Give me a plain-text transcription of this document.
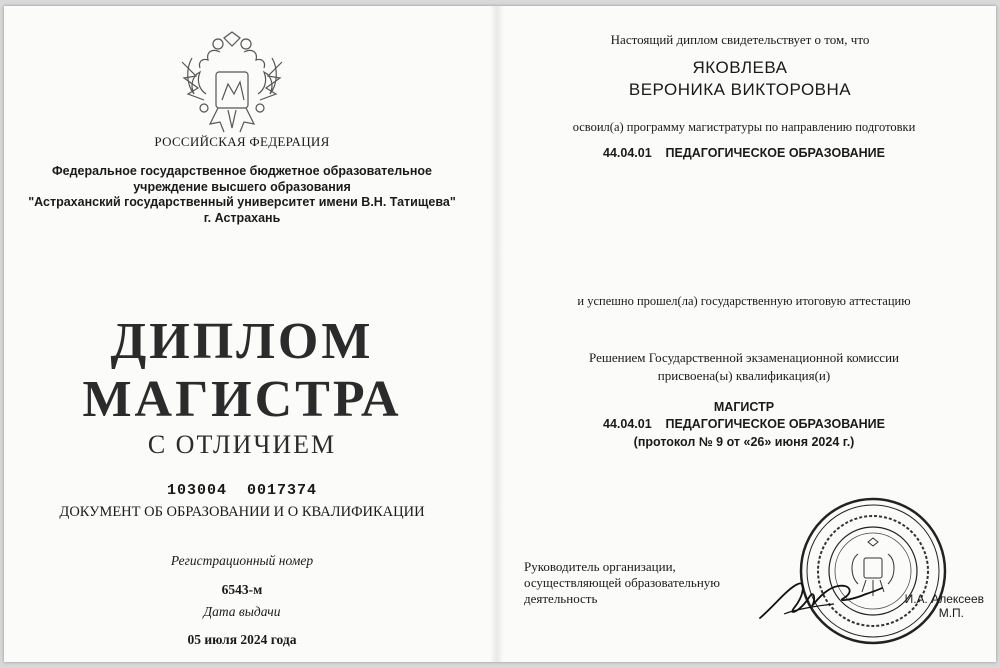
РОССИЙСКАЯ ФЕДЕРАЦИЯ
Федеральное государственное бюджетное образовательное
учреждение высшего образования
"Астраханский государственный университет имени В.Н. Татищева"
г. Астрахань
ДИПЛОМ
МАГИСТРА
С ОТЛИЧИЕМ
103004  0017374
ДОКУМЕНТ ОБ ОБРАЗОВАНИИ И О КВАЛИФИКАЦИИ
Регистрационный номер
6543-м
Дата выдачи
05 июля 2024 года
Настоящий диплом свидетельствует о том, что
ЯКОВЛЕВА
ВЕРОНИКА ВИКТОРОВНА
освоил(а) программу магистратуры по направлению подготовки
44.04.01    ПЕДАГОГИЧЕСКОЕ ОБРАЗОВАНИЕ
и успешно прошел(ла) государственную итоговую аттестацию
Решением Государственной экзаменационной комиссии
присвоена(ы) квалификация(и)
МАГИСТР
44.04.01    ПЕДАГОГИЧЕСКОЕ ОБРАЗОВАНИЕ
(протокол № 9 от «26» июня 2024 г.)
Руководитель организации,
осуществляющей образовательную
деятельность	И.А. Алексеев
М.П.
